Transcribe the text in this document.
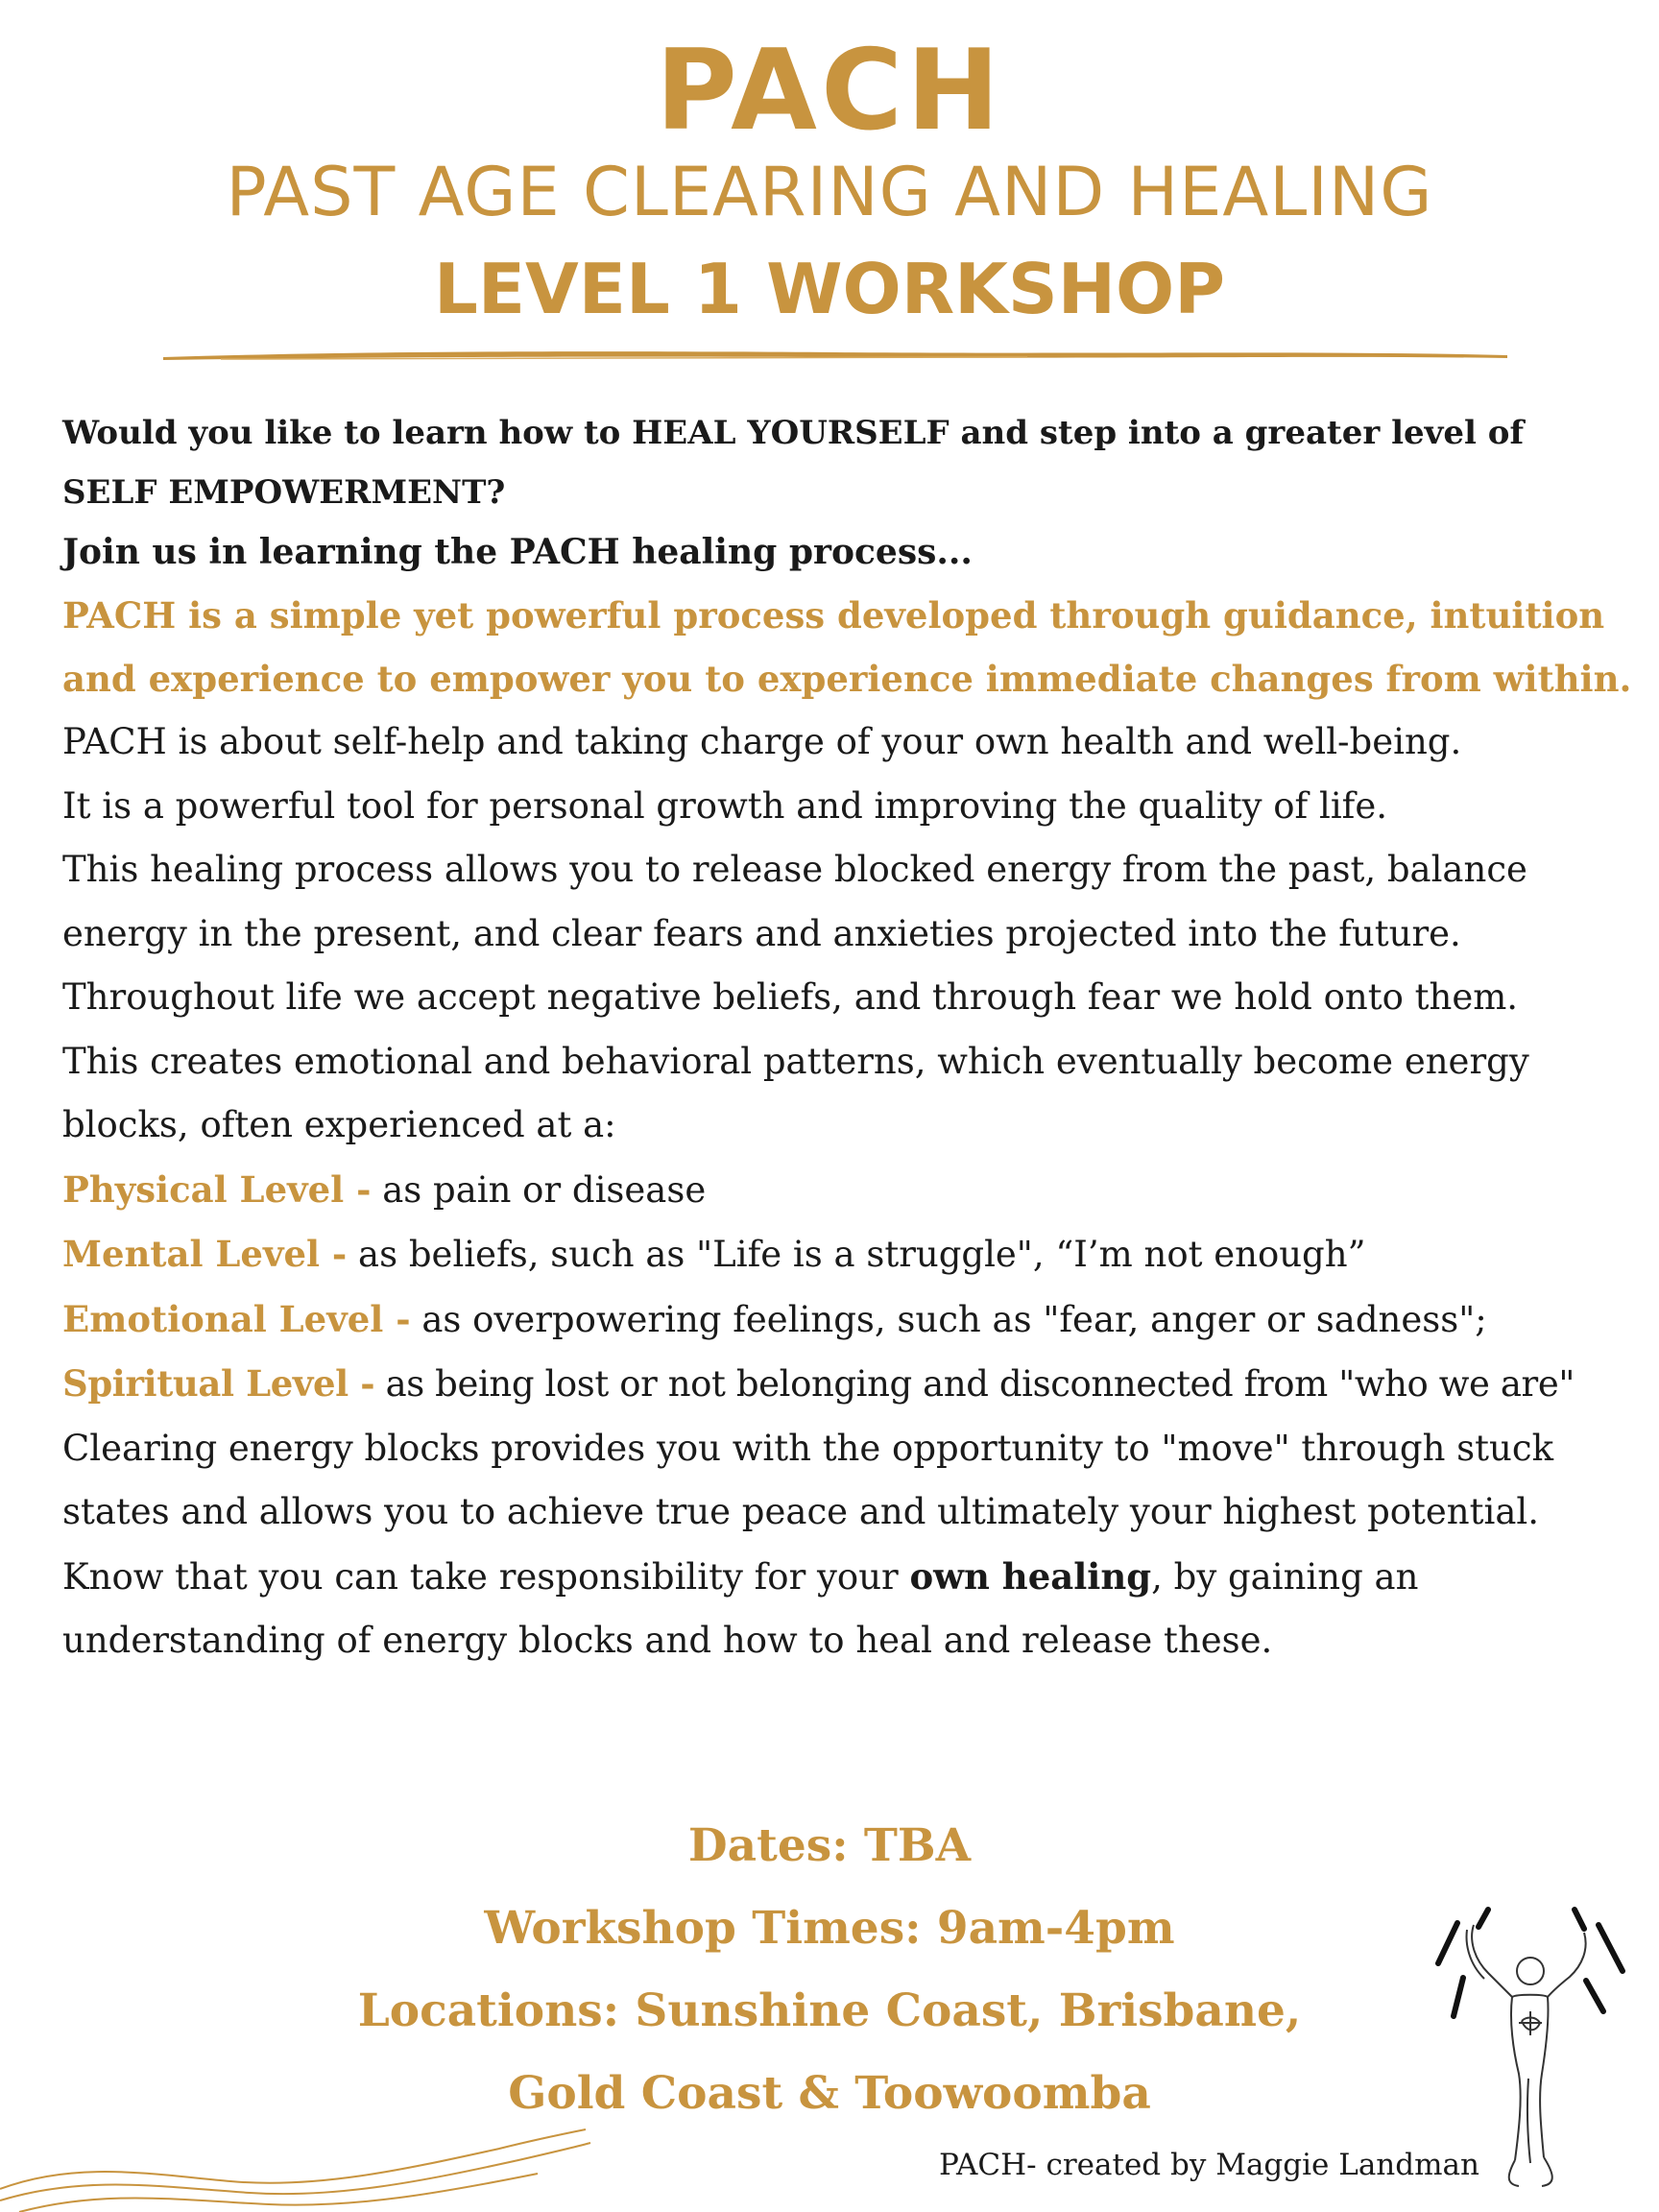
PACH
PAST AGE CLEARING AND HEALING
LEVEL 1 WORKSHOP
Would you like to learn how to HEAL YOURSELF and step into a greater level of
SELF EMPOWERMENT?
Join us in learning the PACH healing process...
PACH is a simple yet powerful process developed through guidance, intuition
and experience to empower you to experience immediate changes from within.

PACH is about self-help and taking charge of your own health and well-being.
It is a powerful tool for personal growth and improving the quality of life.

This healing process allows you to release blocked energy from the past, balance
energy in the present, and clear fears and anxieties projected into the future.
Throughout life we accept negative beliefs, and through fear we hold onto them.
This creates emotional and behavioral patterns, which eventually become energy
blocks, often experienced at a:
Physical Level - as pain or disease
Mental Level - as beliefs, such as "Life is a struggle", “I’m not enough”
Emotional Level - as overpowering feelings, such as "fear, anger or sadness";
Spiritual Level - as being lost or not belonging and disconnected from "who we are"

Clearing energy blocks provides you with the opportunity to "move" through stuck
states and allows you to achieve true peace and ultimately your highest potential.
Know that you can take responsibility for your own healing, by gaining an
understanding of energy blocks and how to heal and release these.

Dates: TBA
Workshop Times: 9am-4pm
Locations: Sunshine Coast, Brisbane,
Gold Coast & Toowoomba
PACH- created by Maggie Landman
